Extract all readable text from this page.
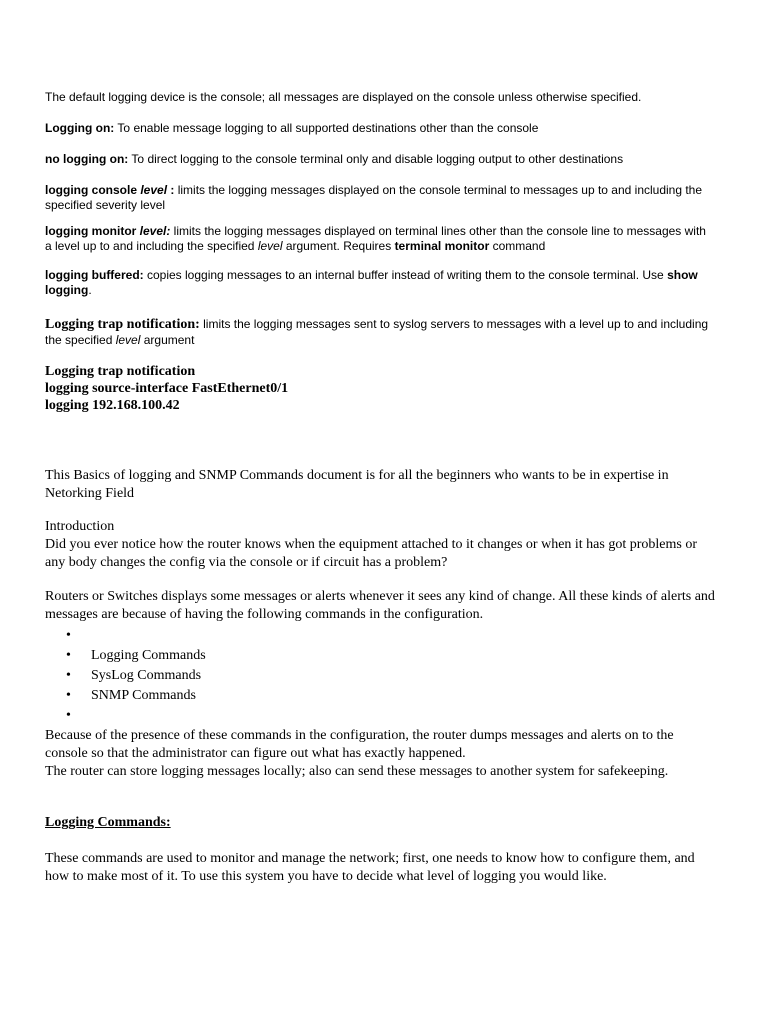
The default logging device is the console; all messages are displayed on the console unless otherwise specified.

Logging on: To enable message logging to all supported destinations other than the console

no logging on: To direct logging to the console terminal only and disable logging output to other destinations

logging console level : limits the logging messages displayed on the console terminal to messages up to and including the specified severity level

logging monitor level: limits the logging messages displayed on terminal lines other than the console line to messages with a level up to and including the specified level argument. Requires terminal monitor command

logging buffered: copies logging messages to an internal buffer instead of writing them to the console terminal. Use show logging.

Logging trap notification: limits the logging messages sent to syslog servers to messages with a level up to and including the specified level argument

Logging trap notification
logging source-interface FastEthernet0/1
logging 192.168.100.42

This Basics of logging and SNMP Commands document is for all the beginners who wants to be in expertise in Netorking Field

Introduction
Did you ever notice how the router knows when the equipment attached to it changes or when it has got problems or any body changes the config via the console or if circuit has a problem?

Routers or Switches displays some messages or alerts whenever it sees any kind of change. All these kinds of alerts and messages are because of having the following commands in the configuration.

•
• Logging Commands
• SysLog Commands
• SNMP Commands
•
Because of the presence of these commands in the configuration, the router dumps messages and alerts on to the console so that the administrator can figure out what has exactly happened.
The router can store logging messages locally; also can send these messages to another system for safekeeping.

Logging Commands:

These commands are used to monitor and manage the network; first, one needs to know how to configure them, and how to make most of it. To use this system you have to decide what level of logging you would like.
